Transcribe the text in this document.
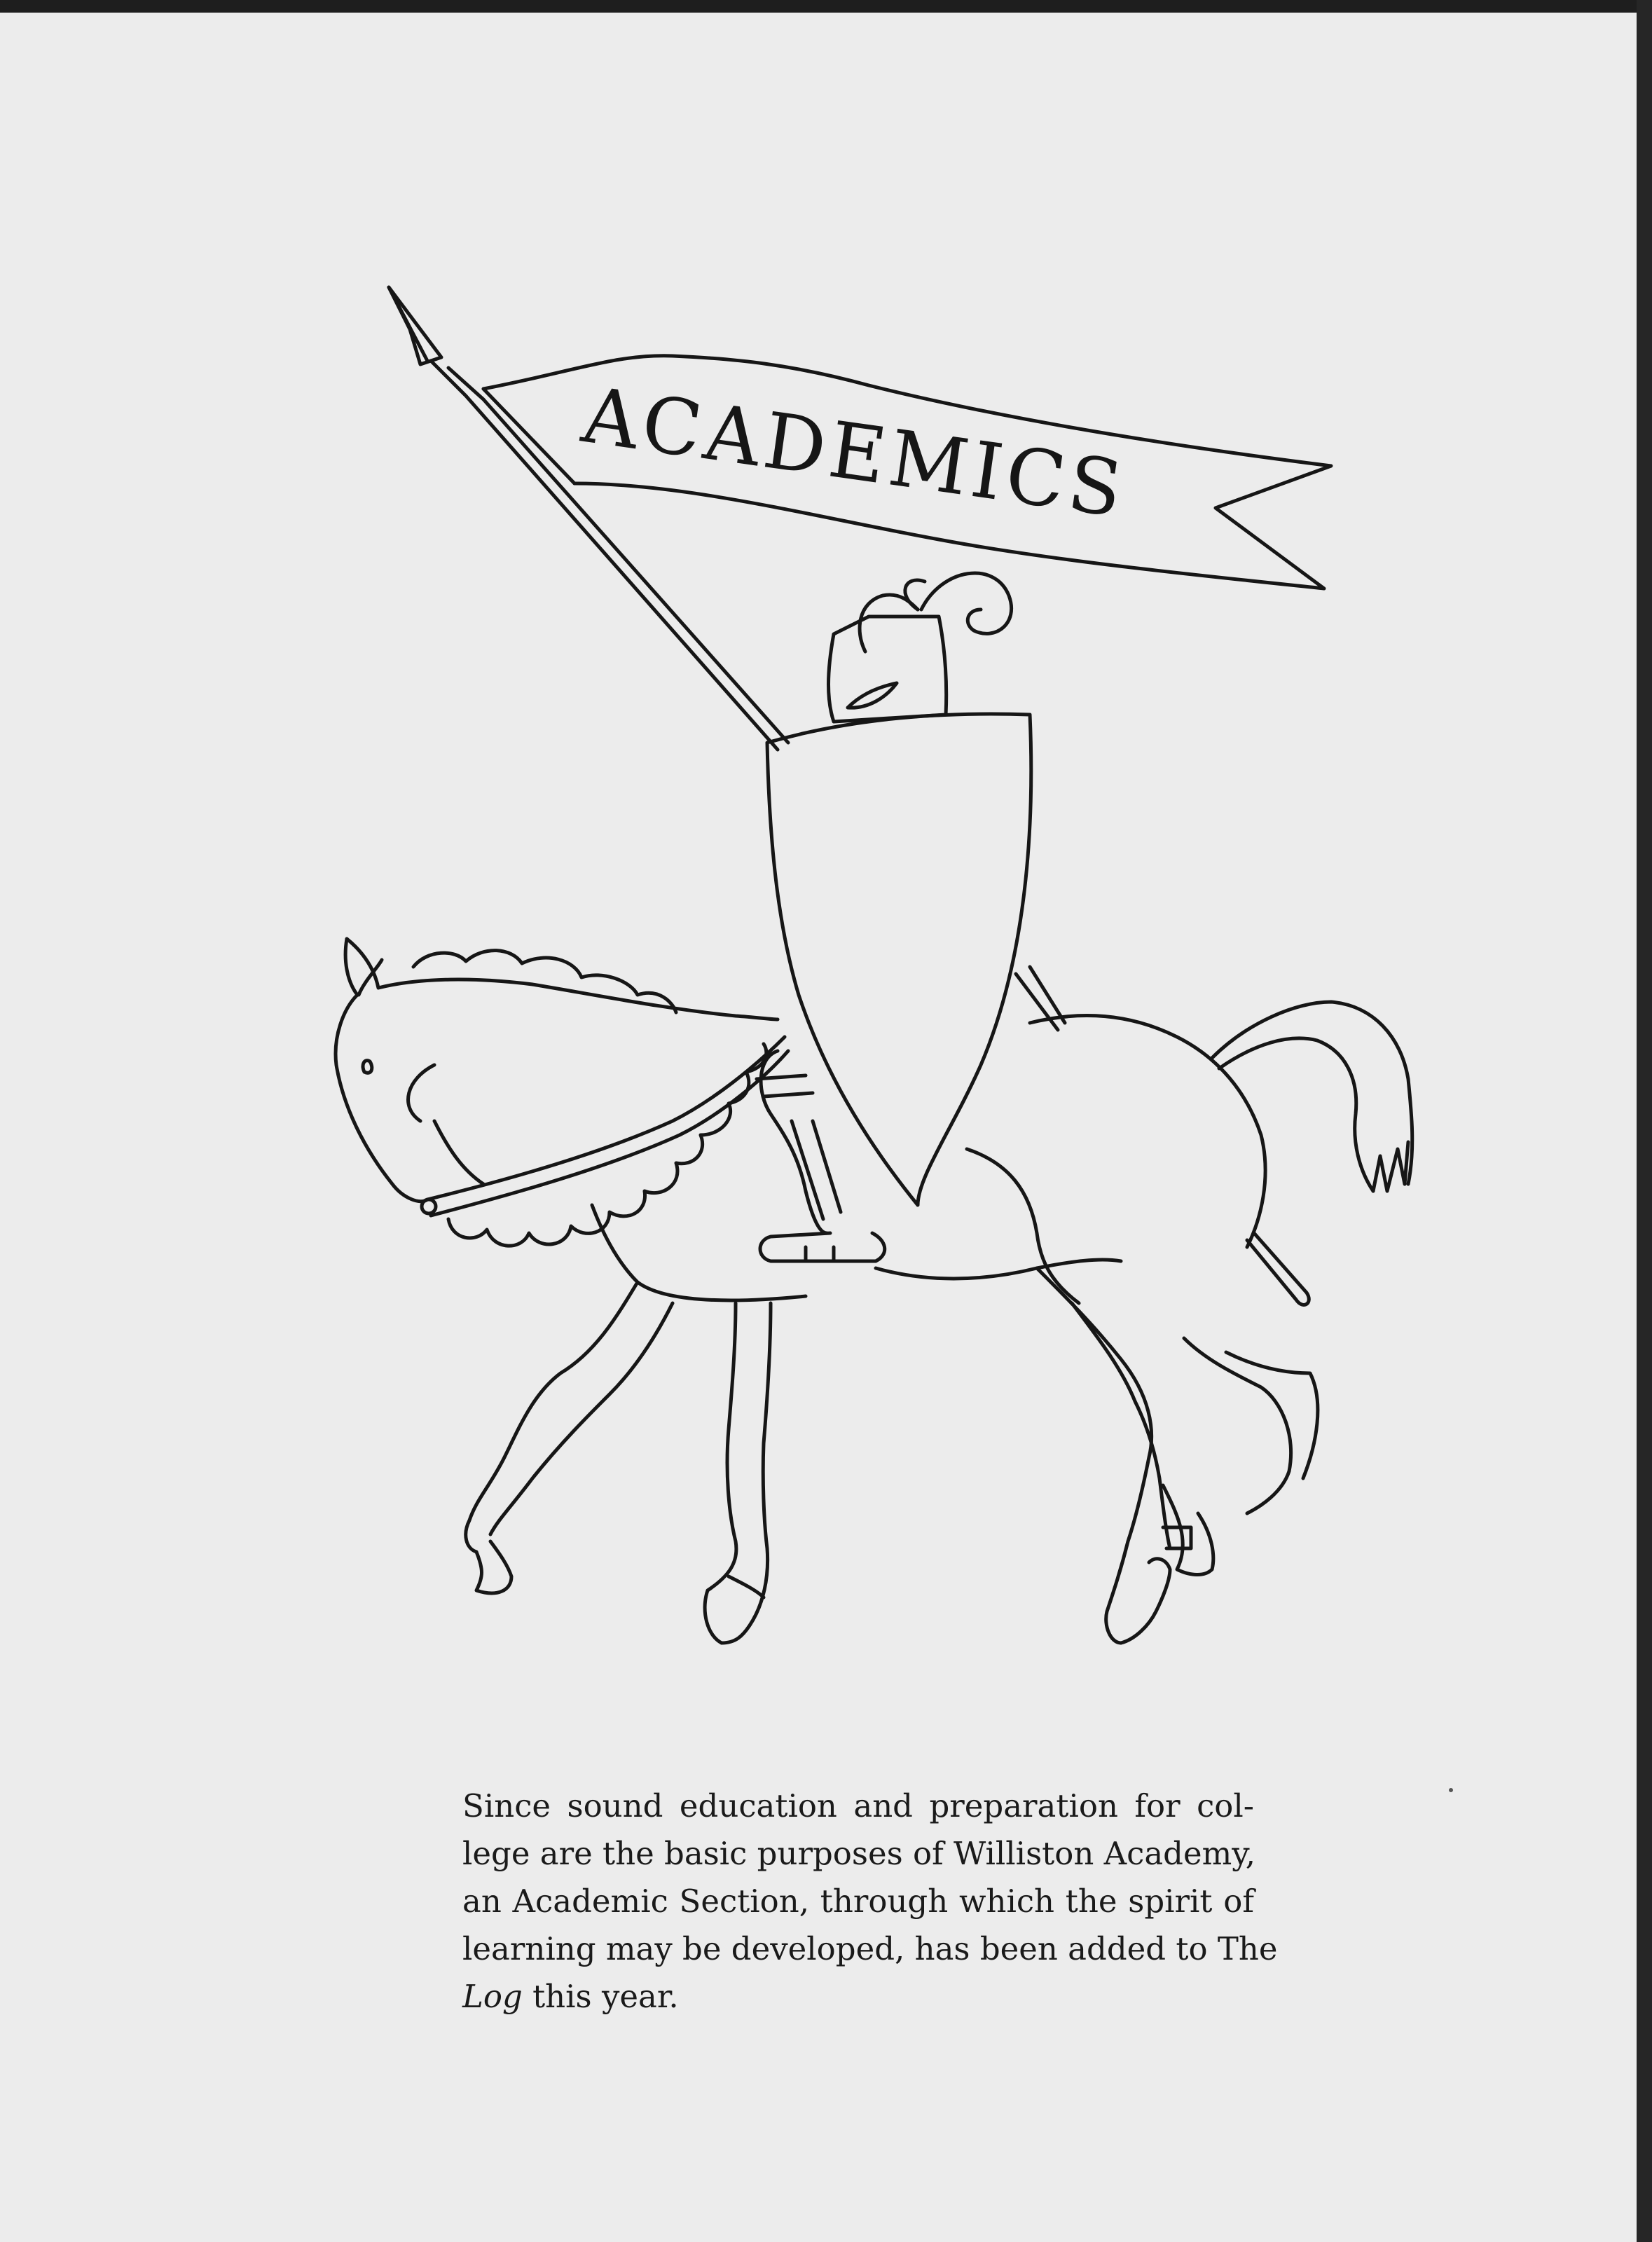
ACADEMICS
Since sound education and preparation for col-
lege are the basic purposes of Williston Academy,
an Academic Section, through which the spirit of
learning may be developed, has been added to The
Log this year.
